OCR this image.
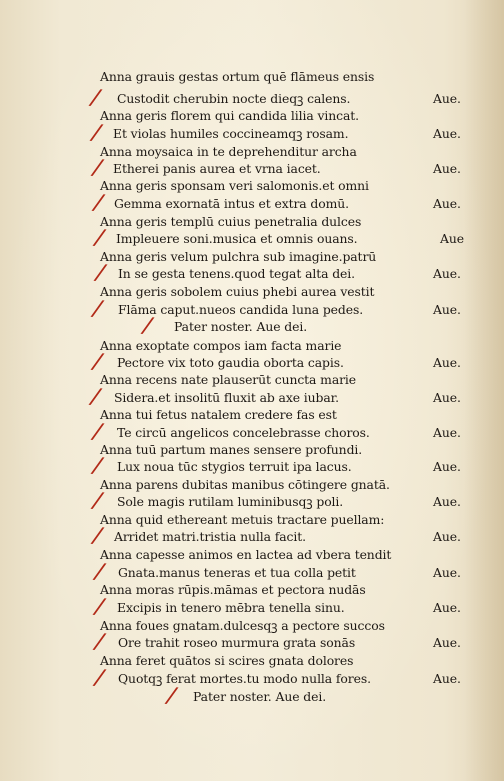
Anna grauis gestas ortum quē flāmeus ensis
/ Custodit cherubin nocte dieqꝫ calens.	Aue.
Anna geris florem qui candida lilia vincat.
/ Et violas humiles coccineamqꝫ rosam.	Aue.
Anna moysaica in te deprehenditur archa
/ Etherei panis aurea et vrna iacet.	Aue.
Anna geris sponsam veri salomonis.et omni
/ Gemma exornatā intus et extra domū.	Aue.
Anna geris templū cuius penetralia dulces
/ Impleuere soni.musica et omnis ouans.	Aue
Anna geris velum pulchra sub imagine.patrū
/ In se gesta tenens.quod tegat alta dei.	Aue.
Anna geris sobolem cuius phebi aurea vestit
/ Flāma caput.nueos candida luna pedes.	Aue.
/ Pater noster. Aue dei.
Anna exoptate compos iam facta marie
/ Pectore vix toto gaudia oborta capis.	Aue.
Anna recens nate plauserūt cuncta marie
/ Sidera.et insolitū fluxit ab axe iubar.	Aue.
Anna tui fetus natalem credere fas est
/ Te circū angelicos concelebrasse choros.	Aue.
Anna tuū partum manes sensere profundi.
/ Lux noua tūc stygios terruit ipa lacus.	Aue.
Anna parens dubitas manibus cōtingere gnatā.
/ Sole magis rutilam luminibusqꝫ poli.	Aue.
Anna quid ethereant metuis tractare puellam:
/ Arridet matri.tristia nulla facit.	Aue.
Anna capesse animos en lactea ad vbera tendit
/ Gnata.manus teneras et tua colla petit	Aue.
Anna moras rūpis.māmas et pectora nudās
/ Excipis in tenero mēbra tenella sinu.	Aue.
Anna foues gnatam.dulcesqꝫ a pectore succos
/ Ore trahit roseo murmura grata sonās	Aue.
Anna feret quātos si scires gnata dolores
/ Quotqꝫ ferat mortes.tu modo nulla fores.	Aue.
/ Pater noster. Aue dei.
